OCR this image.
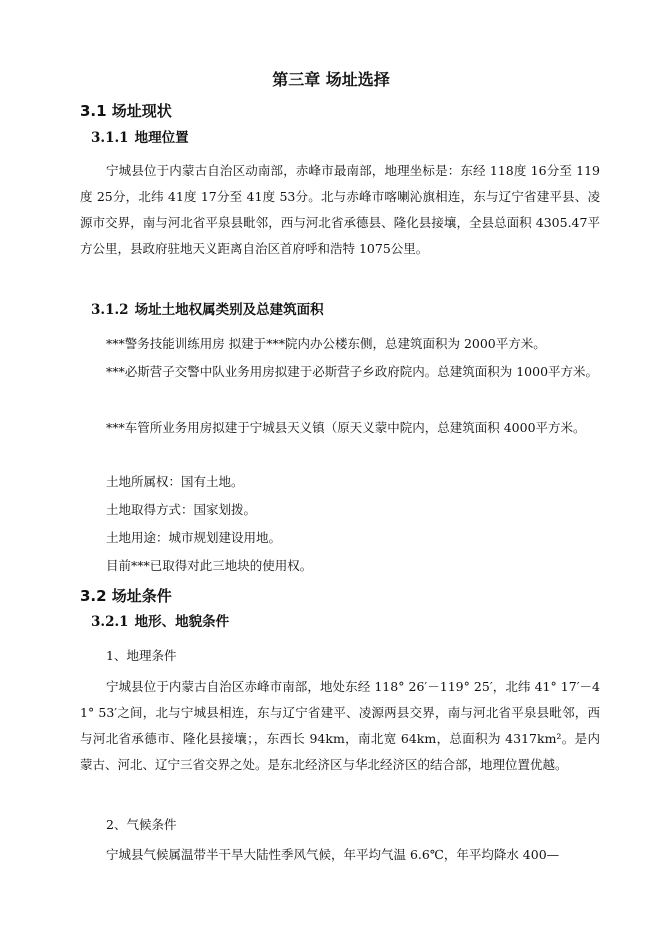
第三章 场址选择
3.1 场址现状
3.1.1 地理位置

宁城县位于内蒙古自治区动南部，赤峰市最南部，地理坐标是：东经 118度 16分至 119度 25分，北纬 41度 17分至 41度 53分。北与赤峰市喀喇沁旗相连，东与辽宁省建平县、凌源市交界，南与河北省平泉县毗邻，西与河北省承德县、隆化县接壤，全县总面积 4305.47平方公里，县政府驻地天义距离自治区首府呼和浩特 1075公里。

3.1.2 场址土地权属类别及总建筑面积

***警务技能训练用房 拟建于***院内办公楼东侧，总建筑面积为 2000平方米。

***必斯营子交警中队业务用房拟建于必斯营子乡政府院内。总建筑面积为 1000平方米。

***车管所业务用房拟建于宁城县天义镇（原天义蒙中院内，总建筑面积 4000平方米。

土地所属权：国有土地。

土地取得方式：国家划拨。

土地用途：城市规划建设用地。

目前***已取得对此三地块的使用权。

3.2 场址条件
3.2.1 地形、地貌条件

1、地理条件

宁城县位于内蒙古自治区赤峰市南部，地处东经 118° 26′－119° 25′，北纬 41° 17′－41° 53′之间，北与宁城县相连，东与辽宁省建平、凌源两县交界，南与河北省平泉县毗邻，西与河北省承德市、隆化县接壤；，东西长 94km，南北宽 64km，总面积为 4317km²。是内蒙古、河北、辽宁三省交界之处。是东北经济区与华北经济区的结合部，地理位置优越。

2、气候条件

宁城县气候属温带半干旱大陆性季风气候，年平均气温 6.6℃，年平均降水 400—
